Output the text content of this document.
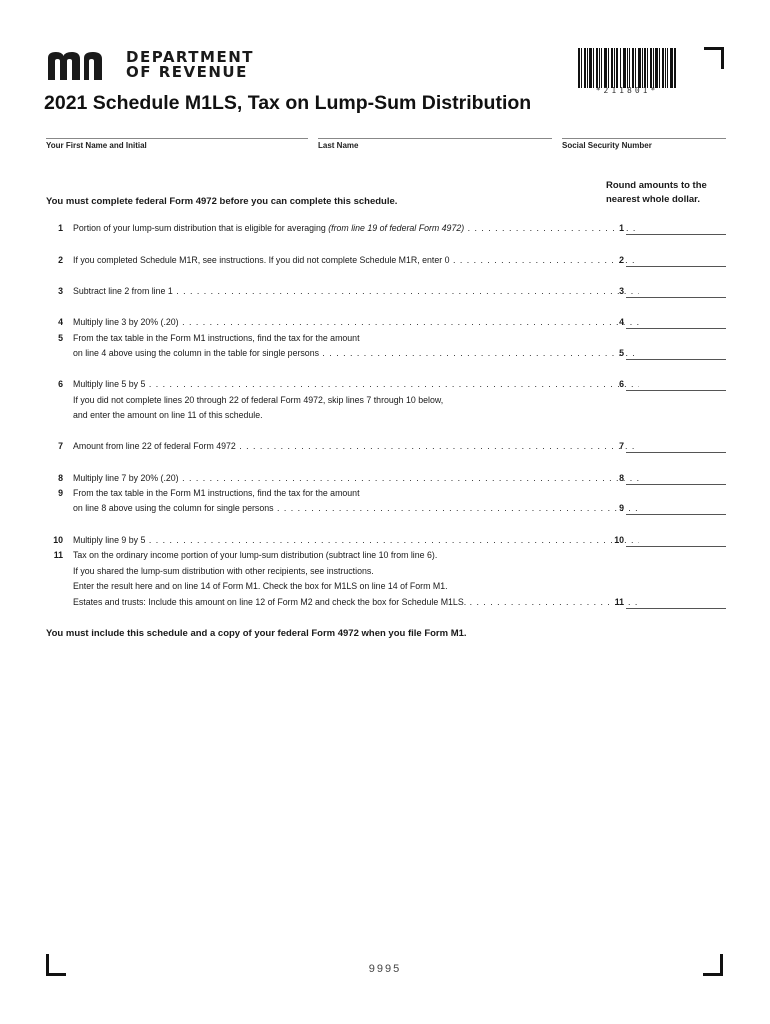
DEPARTMENT
OF REVENUE
*211801*
2021 Schedule M1LS, Tax on Lump-Sum Distribution
Your First Name and Initial	Last Name	Social Security Number
You must complete federal Form 4972 before you can complete this schedule.
Round amounts to the
nearest whole dollar.
1 Portion of your lump-sum distribution that is eligible for averaging (from line 19 of federal Form 4972) . . .	1
2 If you completed Schedule M1R, see instructions. If you did not complete Schedule M1R, enter 0 . . .	2
3 Subtract line 2 from line 1 . . .	3
4 Multiply line 3 by 20% (.20) . . .	4
5 From the tax table in the Form M1 instructions, find the tax for the amount
on line 4 above using the column in the table for single persons . . .	5
6 Multiply line 5 by 5 . . .	6
If you did not complete lines 20 through 22 of federal Form 4972, skip lines 7 through 10 below,
and enter the amount on line 11 of this schedule.
7 Amount from line 22 of federal Form 4972 . . .	7
8 Multiply line 7 by 20% (.20) . . .	8
9 From the tax table in the Form M1 instructions, find the tax for the amount
on line 8 above using the column for single persons . . .	9
10 Multiply line 9 by 5 . . .	10
11 Tax on the ordinary income portion of your lump-sum distribution (subtract line 10 from line 6).
If you shared the lump-sum distribution with other recipients, see instructions.
Enter the result here and on line 14 of Form M1. Check the box for M1LS on line 14 of Form M1.
Estates and trusts: Include this amount on line 12 of Form M2 and check the box for Schedule M1LS. . . .	11
You must include this schedule and a copy of your federal Form 4972 when you file Form M1.
9995
